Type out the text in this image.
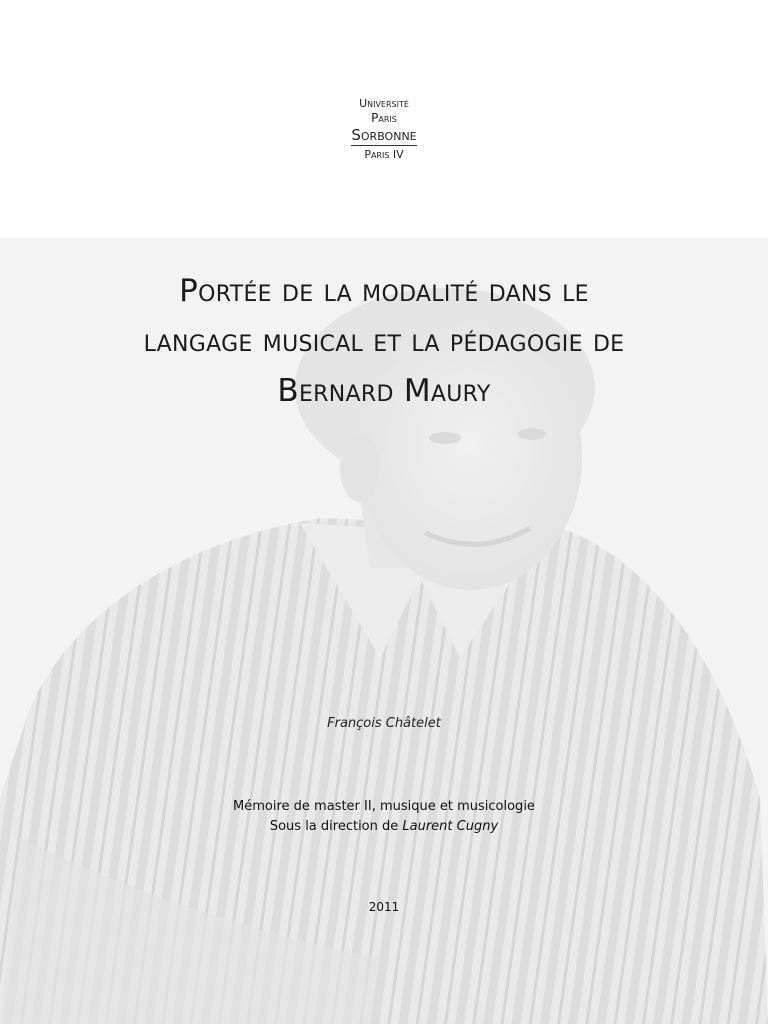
Université
Paris
Sorbonne
Paris IV
Portée de la modalité dans le
langage musical et la pédagogie de
Bernard Maury
François Châtelet
Mémoire de master II, musique et musicologie
Sous la direction de Laurent Cugny
2011
